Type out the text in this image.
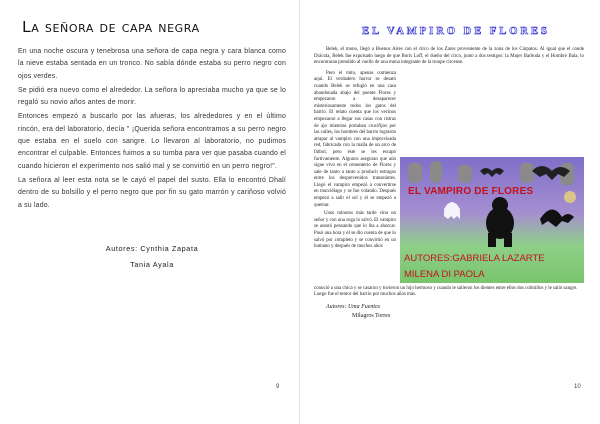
La señora de capa negra

En una noche oscura y tenebrosa una señora de capa negra y cara blanca como la nieve estaba sentada en un tronco. No sabía dónde estaba su perro negro con ojos verdes.

Se pidió era nuevo como el alrededor. La señora lo apreciaba mucho ya que se lo regaló su novio años antes de morir.

Entonces empezó a buscarlo por las afueras, los alrededores y en el último rincón, era del laboratorio, decía " ¡Querida señora encontramos a su perro negro que estaba en el suelo con sangre. Lo llevaron al laboratorio, no pudimos encontrar el culpable. Entonces fuimos a su tumba para ver que pasaba cuando el cuando hicieron el experimento nos salió mal y se convirtió en un perro negro!".

La señora al leer esta nota se le cayó el papel del susto. Ella lo encontró Dhalí dentro de su bolsillo y el perro negro que por fin su gato marrón y cariñoso volvió a su lado.

Autores: Cynthia Zapata
Tania Ayala
9
EL VAMPIRO DE FLORES

Belek, el mono, llegó a Buenos Aires con el circo de los Zares proveniente de la zona de los Cárpatos. Al igual que el conde Drácula, Belek fue expulsado luego de que Boris Loff, el dueño del circo, junto a dos testigos: la Mujer Barbuda y el Hombre Bala, lo encontraran prendido al cuello de una mona integrante de la troupe circense.

EL VAMPIRO DE FLORES
AUTORES:GABRIELA LAZARTE
MILENA DI PAOLA

Pero el mito, apenas comienza aquí. El verdadero horror se desató cuando Belek se refugió en una casa abandonada abajo del puente Flores y empezaron a desaparecer misteriosamente todos los gatos del barrio. El relato cuenta que los vecinos empezaron a llegar sus casas con ristras de ajo mientras portaban crucifijos por las calles, los hombres del barrio lograron atrapar al vampiro con una improvisada red, fabricada con la malla de un arco de fútbol, pero éste se les escapó furtivamente. Algunos aseguran que aún sigue vivo en el cementerio de Flores y sale de tanto a tanto a producir estragos entre los desprevenidos transeúntes. Llegó el vampiro empezó a convertirse en murciélago y se fue volando. Después empezó a salir el sol y él se empezó a quemar.

Unos minutos más tarde vino un señor y con una soga lo salvó. El vampiro se asustó pensando que lo iba a ahorcar. Pasó una hora y él se dio cuenta de que lo salvó por completo y se convirtió en un humano y después de muchos años

conoció a una chica y se casaron y tuvieron un hijo hermoso y cuando le salieron los dientes entre ellos dos colmillos y le salió sangre.

Luego fue el temor del barrio por muchos años más.

Autores: Uma Fuentes
Milagros Torres
10
